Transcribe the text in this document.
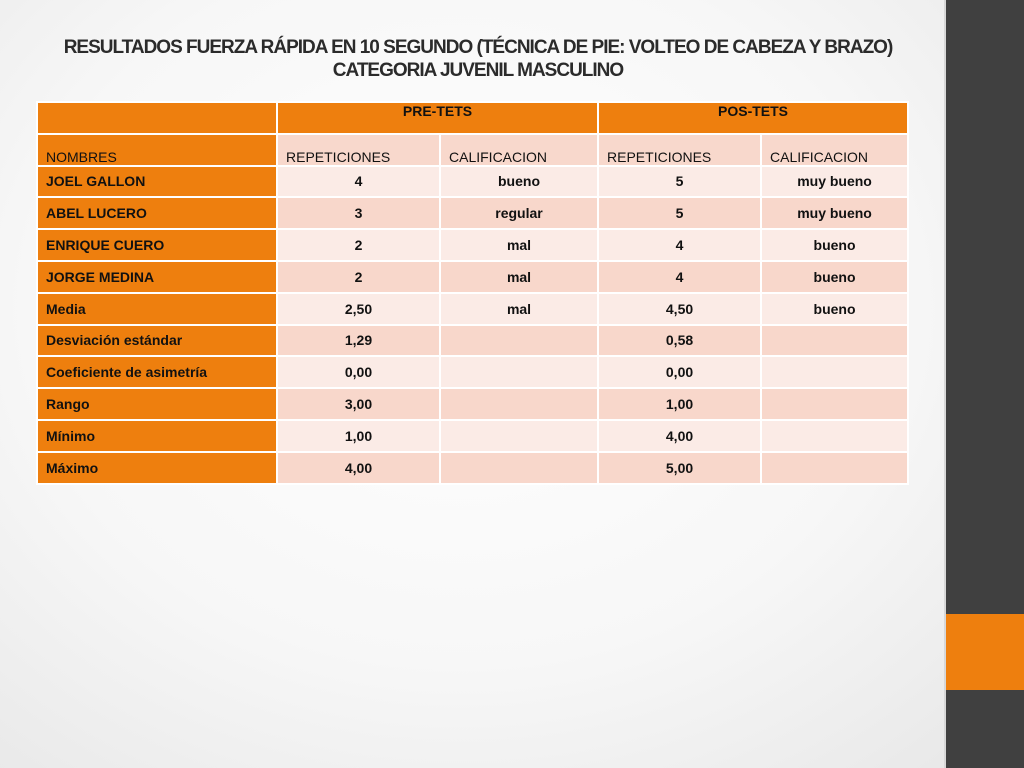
RESULTADOS FUERZA RÁPIDA EN 10 SEGUNDO (TÉCNICA DE PIE: VOLTEO DE CABEZA Y BRAZO) CATEGORIA JUVENIL MASCULINO
	PRE-TETS		POS-TETS	
NOMBRES	REPETICIONES	CALIFICACION	REPETICIONES	CALIFICACION
JOEL GALLON	4	bueno	5	muy bueno
ABEL LUCERO	3	regular	5	muy bueno
ENRIQUE CUERO	2	mal	4	bueno
JORGE MEDINA	2	mal	4	bueno
Media	2,50	mal	4,50	bueno
Desviación estándar	1,29		0,58	
Coeficiente de asimetría	0,00		0,00	
Rango	3,00		1,00	
Mínimo	1,00		4,00	
Máximo	4,00		5,00	
